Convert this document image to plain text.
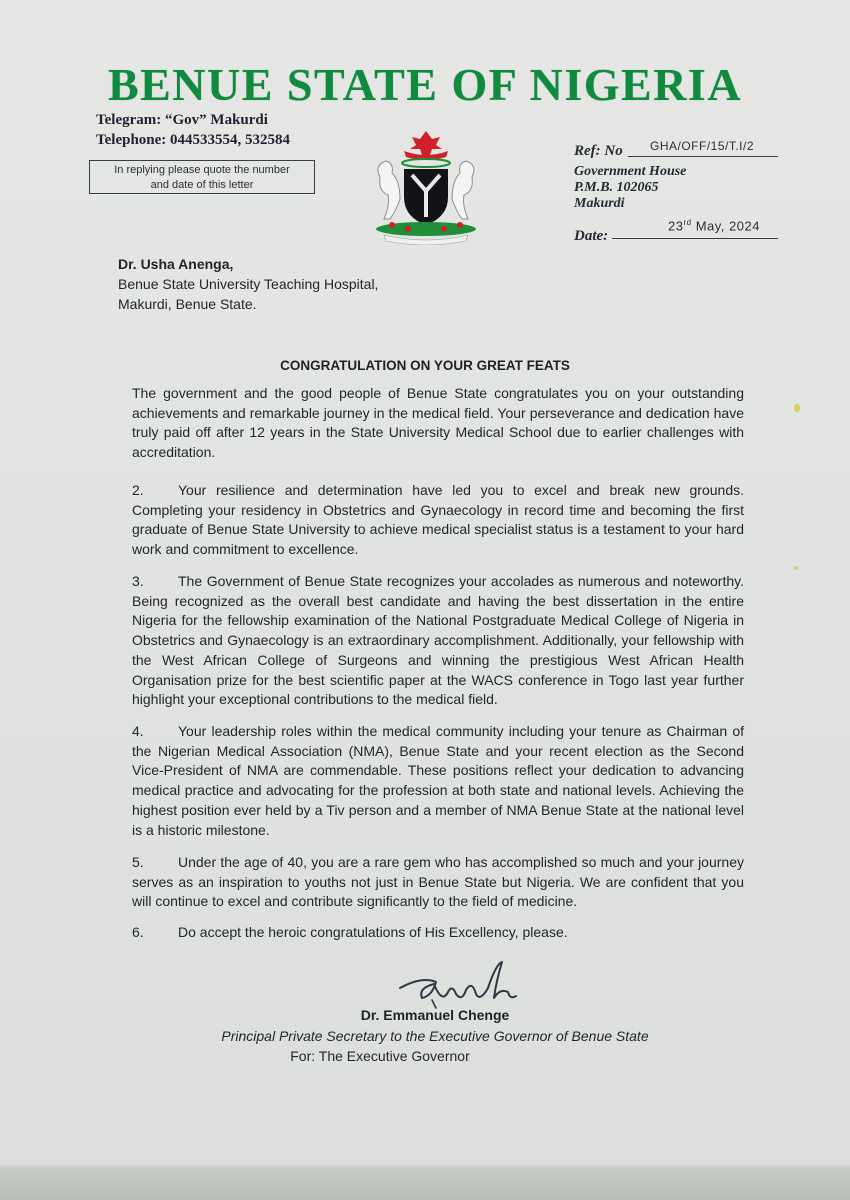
BENUE STATE OF NIGERIA
Telegram: “Gov” Makurdi
Telephone: 044533554, 532584
In replying please quote the number
and date of this letter
Ref: No GHA/OFF/15/T.I/2
Government House
P.M.B. 102065
Makurdi
Date:
23rd May, 2024
Dr. Usha Anenga,
Benue State University Teaching Hospital,
Makurdi, Benue State.
CONGRATULATION ON YOUR GREAT FEATS
The government and the good people of Benue State congratulates you on your outstanding achievements and remarkable journey in the medical field. Your perseverance and dedication have truly paid off after 12 years in the State University Medical School due to earlier challenges with accreditation.
2. Your resilience and determination have led you to excel and break new grounds. Completing your residency in Obstetrics and Gynaecology in record time and becoming the first graduate of Benue State University to achieve medical specialist status is a testament to your hard work and commitment to excellence.
3. The Government of Benue State recognizes your accolades as numerous and noteworthy. Being recognized as the overall best candidate and having the best dissertation in the entire Nigeria for the fellowship examination of the National Postgraduate Medical College of Nigeria in Obstetrics and Gynaecology is an extraordinary accomplishment. Additionally, your fellowship with the West African College of Surgeons and winning the prestigious West African Health Organisation prize for the best scientific paper at the WACS conference in Togo last year further highlight your exceptional contributions to the medical field.
4. Your leadership roles within the medical community including your tenure as Chairman of the Nigerian Medical Association (NMA), Benue State and your recent election as the Second Vice-President of NMA are commendable. These positions reflect your dedication to advancing medical practice and advocating for the profession at both state and national levels. Achieving the highest position ever held by a Tiv person and a member of NMA Benue State at the national level is a historic milestone.
5. Under the age of 40, you are a rare gem who has accomplished so much and your journey serves as an inspiration to youths not just in Benue State but Nigeria. We are confident that you will continue to excel and contribute significantly to the field of medicine.
6. Do accept the heroic congratulations of His Excellency, please.
Dr. Emmanuel Chenge
Principal Private Secretary to the Executive Governor of Benue State
For: The Executive Governor
